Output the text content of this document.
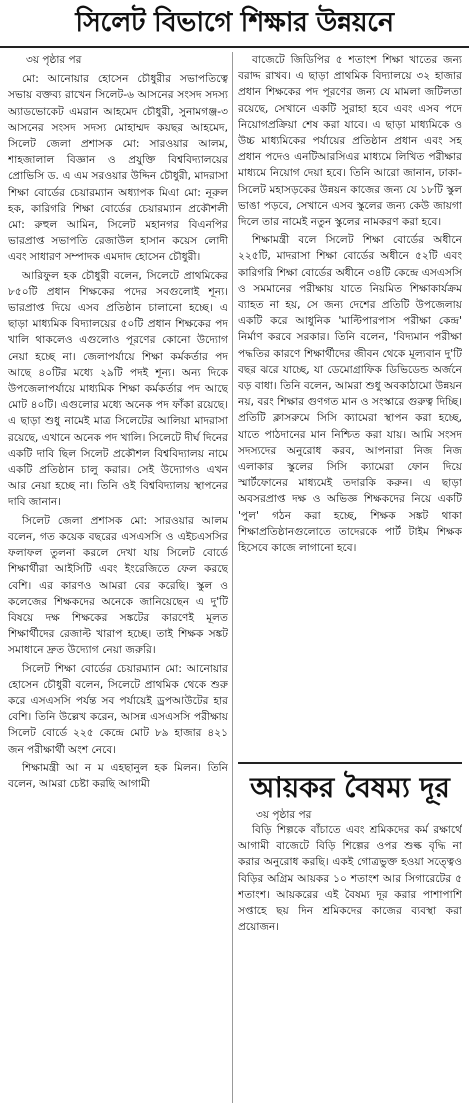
সিলেট বিভাগে শিক্ষার উন্নয়নে

৩য় পৃষ্ঠার পর

মো: আনোয়ার হোসেন চৌধুরীর সভাপতিত্বে সভায় বক্তব্য রাখেন সিলেট-৬ আসনের সংসদ সদস্য অ্যাডভোকেট এমরান আহমেদ চৌধুরী, সুনামগঞ্জ-৩ আসনের সংসদ সদস্য মোহাম্মদ কয়ছর আহমেদ, সিলেট জেলা প্রশাসক মো: সারওয়ার আলম, শাহজালাল বিজ্ঞান ও প্রযুক্তি বিশ্ববিদ্যালয়ের প্রোভিসি ড. এ এম সরওয়ার উদ্দিন চৌধুরী, মাদরাসা শিক্ষা বোর্ডের চেয়ারম্যান অধ্যাপক মিএা মো: নূরুল হক, কারিগরি শিক্ষা বোর্ডের চেয়ারম্যান প্রকৌশলী মো: রুহুল আমিন, সিলেট মহানগর বিএনপির ভারপ্রাপ্ত সভাপতি রেজাউল হাসান কয়েস লোদী এবং সাধারণ সম্পাদক এমদাদ হোসেন চৌধুরী।

আরিফুল হক চৌধুরী বলেন, সিলেটে প্রাথমিকের ৮৫০টি প্রধান শিক্ষকের পদের সবগুলোই শূন্য। ভারপ্রাপ্ত দিয়ে এসব প্রতিষ্ঠান চালানো হচ্ছে। এ ছাড়া মাধ্যমিক বিদ্যালয়ের ৫০টি প্রধান শিক্ষকের পদ খালি থাকলেও এগুলোও পূরণের কোনো উদ্যোগ নেয়া হচ্ছে না। জেলাপর্যায়ে শিক্ষা কর্মকর্তার পদ আছে ৪০টির মধ্যে ২৯টি পদই শূন্য। অন্য দিকে উপজেলাপর্যায়ে মাধ্যমিক শিক্ষা কর্মকর্তার পদ আছে মোট ৪০টি। এগুলোর মধ্যে অনেক পদ ফাঁকা রয়েছে। এ ছাড়া শুধু নামেই মাত্র সিলেটের আলিয়া মাদরাসা রয়েছে, এখানে অনেক পদ খালি। সিলেটে দীর্ঘ দিনের একটি দাবি ছিল সিলেট প্রকৌশল বিশ্ববিদ্যালয় নামে একটি প্রতিষ্ঠান চালু করার। সেই উদ্যোগও এখন আর নেয়া হচ্ছে না। তিনি ওই বিশ্ববিদ্যালয় স্থাপনের দাবি জানান।

সিলেট জেলা প্রশাসক মো: সারওয়ার আলম বলেন, গত কয়েক বছরের এসএসসি ও এইচএসসির ফলাফল তুলনা করলে দেখা যায় সিলেট বোর্ডে শিক্ষার্থীরা আইসিটি এবং ইংরেজিতে ফেল করছে বেশি। এর কারণও আমরা বের করেছি। স্কুল ও কলেজের শিক্ষকদের অনেকে জানিয়েছেন এ দু'টি বিষয়ে দক্ষ শিক্ষকের সঙ্কটের কারণেই মূলত শিক্ষার্থীদের রেজাল্ট খারাপ হচ্ছে। তাই শিক্ষক সঙ্কট সমাধানে দ্রুত উদ্যোগ নেয়া জরুরি।

সিলেট শিক্ষা বোর্ডের চেয়ারম্যান মো: আনোয়ার হোসেন চৌধুরী বলেন, সিলেটে প্রাথমিক থেকে শুরু করে এসএসসি পর্যন্ত সব পর্যায়েই ড্রপআউটের হার বেশি। তিনি উল্লেখ করেন, আসন্ন এসএসসি পরীক্ষায় সিলেট বোর্ডে ২২৫ কেন্দ্রে মোট ৮৯ হাজার ৪২১ জন পরীক্ষার্থী অংশ নেবে।

শিক্ষামন্ত্রী আ ন ম এহছানুল হক মিলন। তিনি বলেন, আমরা চেষ্টা করছি আগামী

বাজেটে জিডিপির ৫ শতাংশ শিক্ষা খাতের জন্য বরাদ্দ রাখব। এ ছাড়া প্রাথমিক বিদ্যালয়ে ৩২ হাজার প্রধান শিক্ষকের পদ পূরণের জন্য যে মামলা জটিলতা রয়েছে, সেখানে একটি সুরাহা হবে এবং এসব পদে নিয়োগপ্রক্রিয়া শেষ করা যাবে। এ ছাড়া মাধ্যমিকে ও উচ্চ মাধ্যমিকের পর্যায়ের প্রতিষ্ঠান প্রধান এবং সহ প্রধান পদেও এনটিআরসিএর মাধ্যমে লিখিত পরীক্ষার মাধ্যমে নিয়োগ দেয়া হবে। তিনি আরো জানান, ঢাকা-সিলেট মহাসড়কের উন্নয়ন কাজের জন্য যে ১৮টি স্কুল ভাঙা পড়বে, সেখানে এসব স্কুলের জন্য কেউ জায়গা দিলে তার নামেই নতুন স্কুলের নামকরণ করা হবে।

শিক্ষামন্ত্রী বলে সিলেট শিক্ষা বোর্ডের অধীনে ২২৫টি, মাদরাসা শিক্ষা বোর্ডের অধীনে ৫২টি এবং কারিগরি শিক্ষা বোর্ডের অধীনে ৩৪টি কেন্দ্রে এসএসসি ও সমমানের পরীক্ষায় যাতে নিয়মিত শিক্ষাকার্যক্রম ব্যাহত না হয়, সে জন্য দেশের প্রতিটি উপজেলায় একটি করে আধুনিক 'মাল্টিপারপাস পরীক্ষা কেন্দ্র' নির্মাণ করবে সরকার। তিনি বলেন, 'বিদ্যমান পরীক্ষা পদ্ধতির কারণে শিক্ষার্থীদের জীবন থেকে মূল্যবান দু'টি বছর ঝরে যাচ্ছে, যা ডেমোগ্রাফিক ডিভিডেন্ড অর্জনে বড় বাধা। তিনি বলেন, আমরা শুধু অবকাঠামো উন্নয়ন নয়, বরং শিক্ষার গুণগত মান ও সংস্কারে গুরুত্ব দিচ্ছি। প্রতিটি ক্লাসরুমে সিসি ক্যামেরা স্থাপন করা হচ্ছে, যাতে পাঠদানের মান নিশ্চিত করা যায়। আমি সংসদ সদস্যদের অনুরোধ করব, আপনারা নিজ নিজ এলাকার স্কুলের সিসি ক্যামেরা ফোন দিয়ে স্মার্টফোনের মাধ্যমেই তদারকি করুন। এ ছাড়া অবসরপ্রাপ্ত দক্ষ ও অভিজ্ঞ শিক্ষকদের নিয়ে একটি 'পুল' গঠন করা হচ্ছে, শিক্ষক সঙ্কট থাকা শিক্ষাপ্রতিষ্ঠানগুলোতে তাদেরকে পার্ট টাইম শিক্ষক হিসেবে কাজে লাগানো হবে।

আয়কর বৈষম্য দূর
৩য় পৃষ্ঠার পর

বিড়ি শিল্পকে বাঁচাতে এবং শ্রমিকদের কর্ম রক্ষার্থে আগামী বাজেটে বিড়ি শিল্পের ওপর শুল্ক বৃদ্ধি না করার অনুরোধ করছি। একই গোত্রভুক্ত হওয়া সত্ত্বেও বিড়ির অগ্রিম আয়কর ১০ শতাংশ আর সিগারেটের ৫ শতাংশ। আয়করের এই বৈষম্য দূর করার পাশাপাশি সপ্তাহে ছয় দিন শ্রমিকদের কাজের ব্যবস্থা করা প্রয়োজন।
